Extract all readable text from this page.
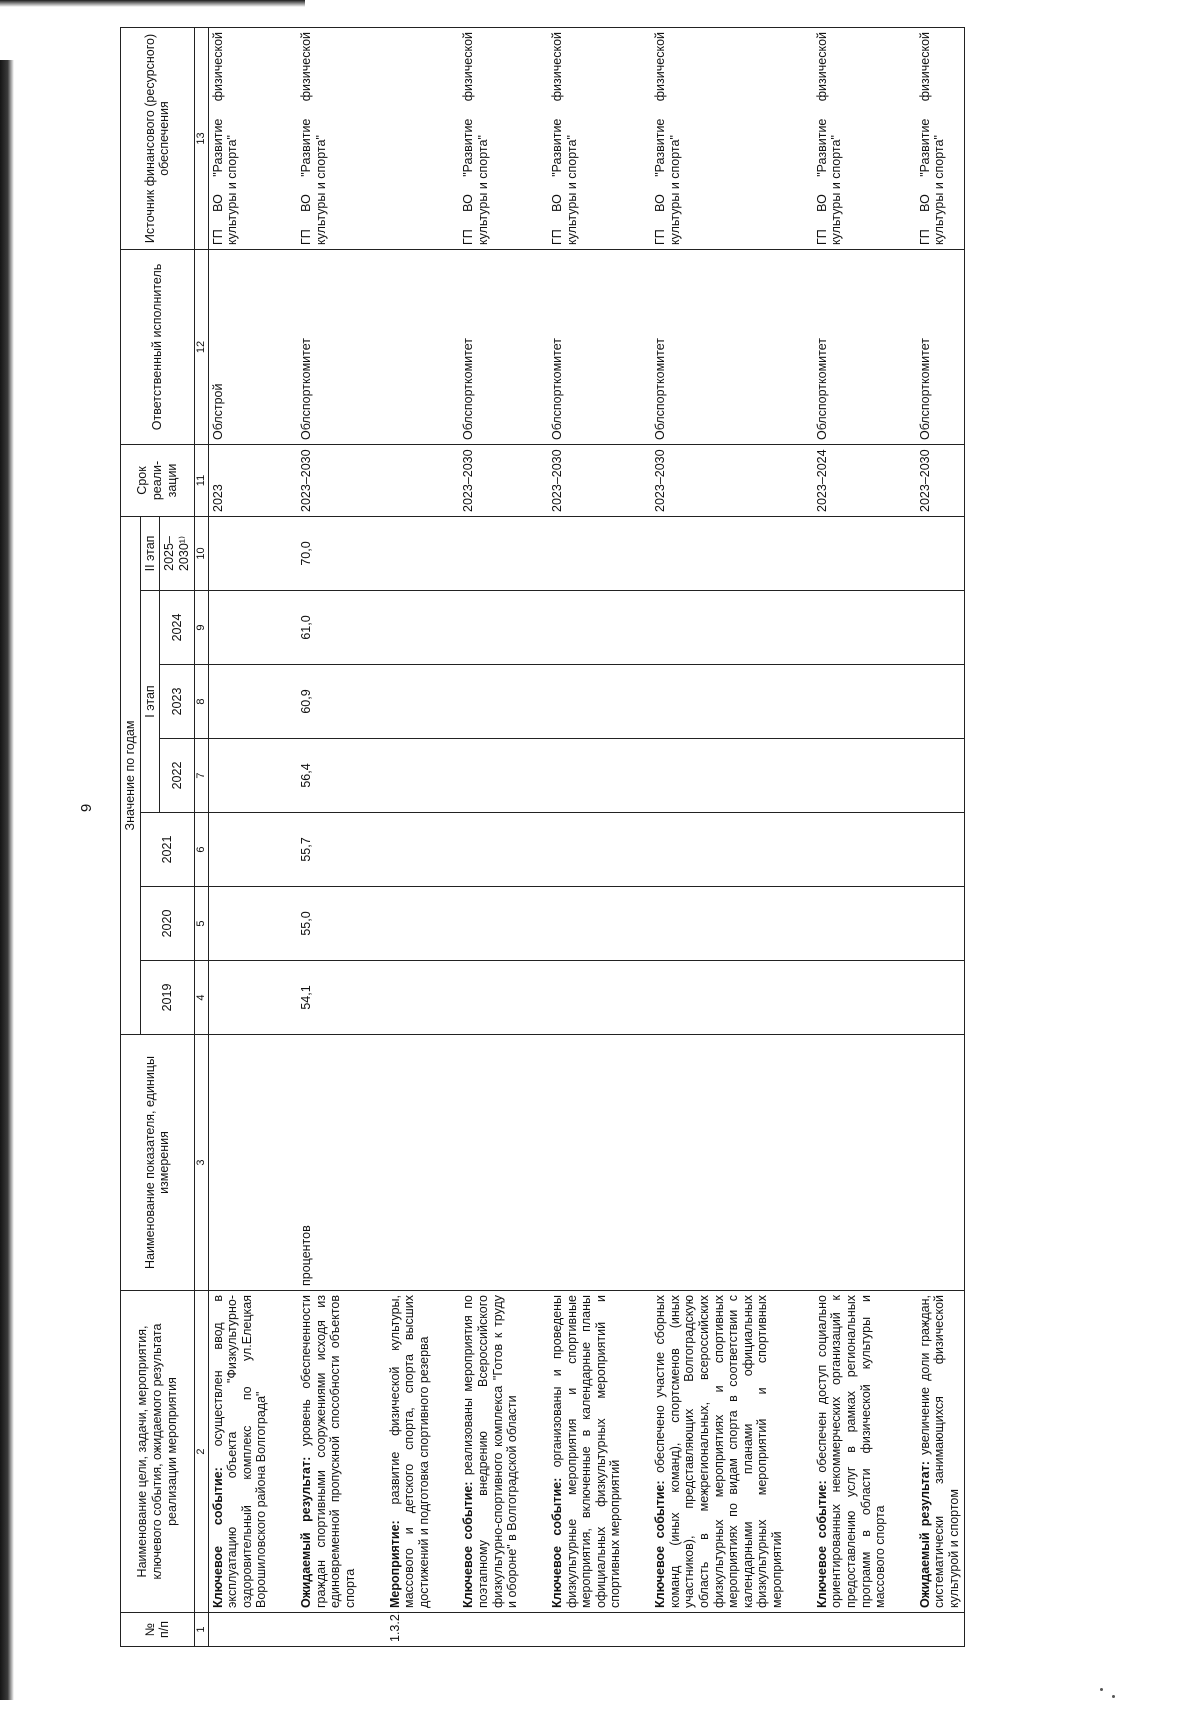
9
№ п/п	Наименование цели, задачи, мероприятия, ключевого события, ожидаемого результата реализации мероприятия	Наименование показателя, единицы измерения	Значение по годам							Срок реали-зации	Ответственный исполнитель	Источник финансового (ресурсного) обеспечения
			2019	2020	2021	I этап			II этап			
						2022	2023	2024	2025–2030¹⁾			
1	2	3	4	5	6	7	8	9	10	11	12	13
	Ключевое событие: осуществлен ввод в эксплуатацию объекта "Физкультурно-оздоровительный комплекс по ул.Елецкая Ворошиловского района Волгограда"									2023	Облстрой	ГП ВО "Развитие физической культуры и спорта"

	Ожидаемый результат: уровень обеспеченности граждан спортивными сооружениями исходя из единовременной пропускной способности объектов спорта	процентов	54,1	55,0	55,7	56,4	60,9	61,0	70,0	2023–2030	Облспорткомитет	ГП ВО "Развитие физической культуры и спорта"

1.3.2.	Мероприятие: развитие физической культуры, массового и детского спорта, спорта высших достижений и подготовка спортивного резерва											

	Ключевое событие: реализованы мероприятия по поэтапному внедрению Всероссийского физкультурно-спортивного комплекса "Готов к труду и обороне" в Волгоградской области									2023–2030	Облспорткомитет	ГП ВО "Развитие физической культуры и спорта"

	Ключевое событие: организованы и проведены физкультурные мероприятия и спортивные мероприятия, включенные в календарные планы официальных физкультурных мероприятий и спортивных мероприятий									2023–2030	Облспорткомитет	ГП ВО "Развитие физической культуры и спорта"

	Ключевое событие: обеспечено участие сборных команд (иных команд), спортсменов (иных участников), представляющих Волгоградскую область в межрегиональных, всероссийских физкультурных мероприятиях и спортивных мероприятиях по видам спорта в соответствии с календарными планами официальных физкультурных мероприятий и спортивных мероприятий									2023–2030	Облспорткомитет	ГП ВО "Развитие физической культуры и спорта"

	Ключевое событие: обеспечен доступ социально ориентированных некоммерческих организаций к предоставлению услуг в рамках региональных программ в области физической культуры и массового спорта									2023–2024	Облспорткомитет	ГП ВО "Развитие физической культуры и спорта"

	Ожидаемый результат: увеличение доли граждан, систематически занимающихся физической культурой и спортом									2023–2030	Облспорткомитет	ГП ВО "Развитие физической культуры и спорта"
